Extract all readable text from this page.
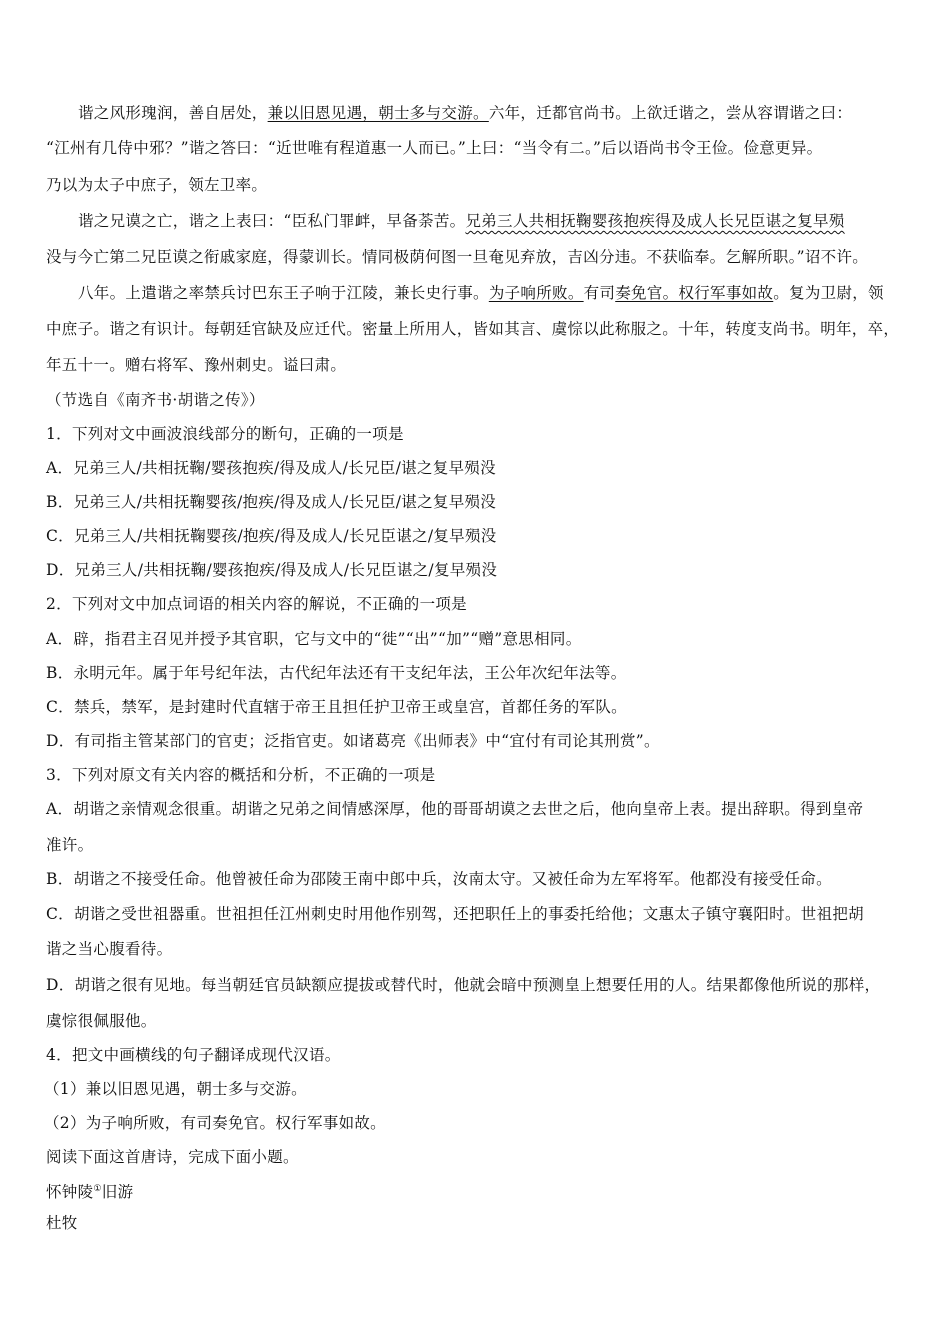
谐之风形瑰润，善自居处，兼以旧恩见遇，朝士多与交游。六年，迁都官尚书。上欲迁谐之，尝从容谓谐之曰：
“江州有几侍中邪？”谐之答曰：“近世唯有程道惠一人而已。”上曰：“当令有二。”后以语尚书令王俭。俭意更异。
乃以为太子中庶子，领左卫率。
谐之兄谟之亡，谐之上表曰：“臣私门罪衅，早备荼苦。兄弟三人共相抚鞠婴孩抱疾得及成人长兄臣谌之复早殒
没与今亡第二兄臣谟之衔戚家庭，得蒙训长。情同极荫何图一旦奄见弃放，吉凶分违。不获临奉。乞解所职。”诏不许。
八年。上遣谐之率禁兵讨巴东王子响于江陵，兼长史行事。为子响所败。有司奏免官。权行军事如故。复为卫尉，领
中庶子。谐之有识计。每朝廷官缺及应迁代。密量上所用人，皆如其言、虞悰以此称服之。十年，转度支尚书。明年，卒，
年五十一。赠右将军、豫州刺史。谥曰肃。
（节选自《南齐书·胡谐之传》）
1．下列对文中画波浪线部分的断句，正确的一项是
A．兄弟三人/共相抚鞠/婴孩抱疾/得及成人/长兄臣/谌之复早殒没
B．兄弟三人/共相抚鞠婴孩/抱疾/得及成人/长兄臣/谌之复早殒没
C．兄弟三人/共相抚鞠婴孩/抱疾/得及成人/长兄臣谌之/复早殒没
D．兄弟三人/共相抚鞠/婴孩抱疾/得及成人/长兄臣谌之/复早殒没
2．下列对文中加点词语的相关内容的解说，不正确的一项是
A．辟，指君主召见并授予其官职，它与文中的“徙”“出”“加”“赠”意思相同。
B．永明元年。属于年号纪年法，古代纪年法还有干支纪年法，王公年次纪年法等。
C．禁兵，禁军，是封建时代直辖于帝王且担任护卫帝王或皇宫，首都任务的军队。
D．有司指主管某部门的官吏；泛指官吏。如诸葛亮《出师表》中“宜付有司论其刑赏”。
3．下列对原文有关内容的概括和分析，不正确的一项是
A．胡谐之亲情观念很重。胡谐之兄弟之间情感深厚，他的哥哥胡谟之去世之后，他向皇帝上表。提出辞职。得到皇帝
准许。
B．胡谐之不接受任命。他曾被任命为邵陵王南中郎中兵，汝南太守。又被任命为左军将军。他都没有接受任命。
C．胡谐之受世祖器重。世祖担任江州刺史时用他作别驾，还把职任上的事委托给他；文惠太子镇守襄阳时。世祖把胡
谐之当心腹看待。
D．胡谐之很有见地。每当朝廷官员缺额应提拔或替代时，他就会暗中预测皇上想要任用的人。结果都像他所说的那样，
虞悰很佩服他。
4．把文中画横线的句子翻译成现代汉语。
（1）兼以旧恩见遇，朝士多与交游。
（2）为子响所败，有司奏免官。权行军事如故。
阅读下面这首唐诗，完成下面小题。
怀钟陵①旧游
杜牧
